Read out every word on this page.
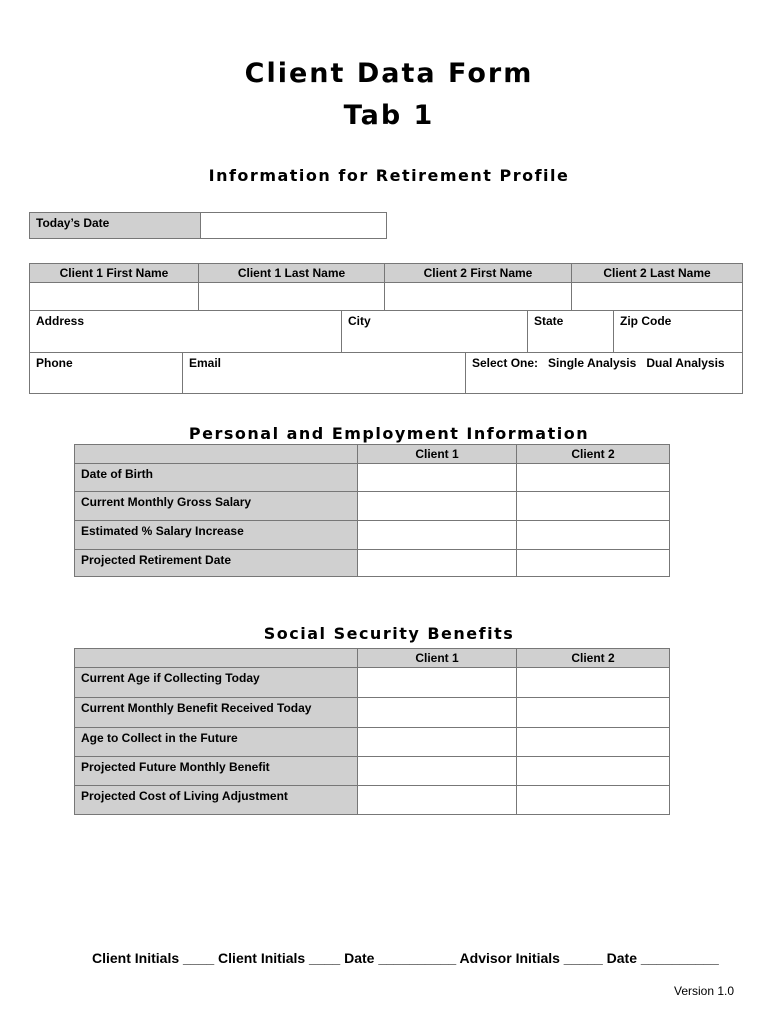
Client Data Form
Tab 1
Information for Retirement Profile
Today’s Date
Client 1 First Name	Client 1 Last Name	Client 2 First Name	Client 2 Last Name
Address	City	State	Zip Code
Phone	Email	Select One: Single Analysis Dual Analysis
Personal and Employment Information
Client 1	Client 2
Date of Birth
Current Monthly Gross Salary
Estimated % Salary Increase
Projected Retirement Date
Social Security Benefits
Client 1	Client 2
Current Age if Collecting Today
Current Monthly Benefit Received Today
Age to Collect in the Future
Projected Future Monthly Benefit
Projected Cost of Living Adjustment
Client Initials ____ Client Initials ____ Date __________ Advisor Initials _____ Date __________
Version 1.0
